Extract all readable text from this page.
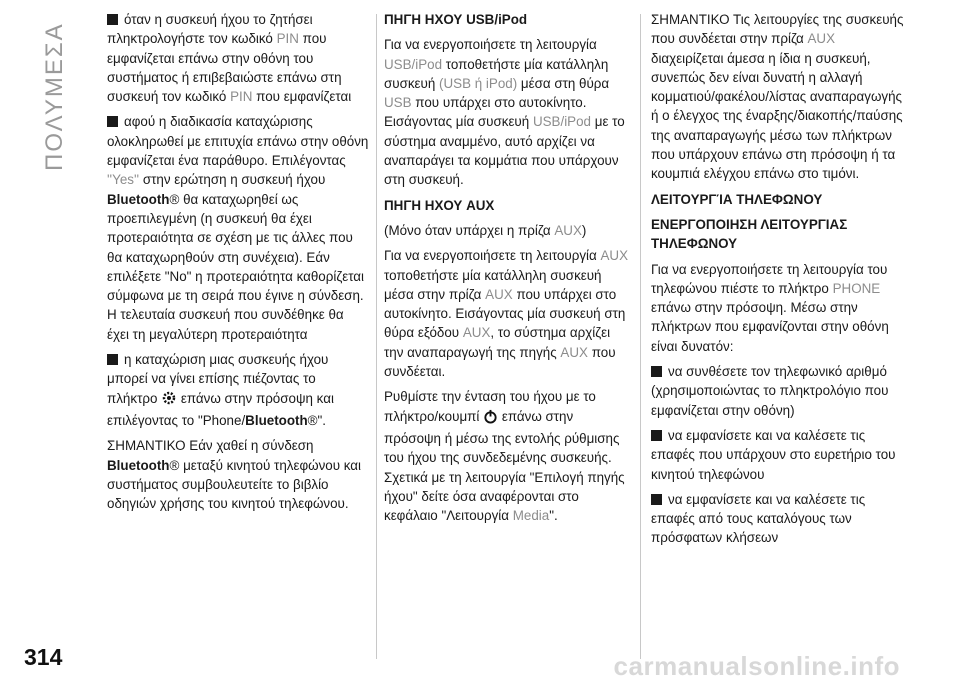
ΠΟΛΥΜΕΣΑ

όταν η συσκευή ήχου το ζητήσει πληκτρολογήστε τον κωδικό PIN που εμφανίζεται επάνω στην οθόνη του συστήματος ή επιβεβαιώστε επάνω στη συσκευή τον κωδικό PIN που εμφανίζεται

αφού η διαδικασία καταχώρισης ολοκληρωθεί με επιτυχία επάνω στην οθόνη εμφανίζεται ένα παράθυρο. Επιλέγοντας ''Yes'' στην ερώτηση η συσκευή ήχου Bluetooth® θα καταχωρηθεί ως προεπιλεγμένη (η συσκευή θα έχει προτεραιότητα σε σχέση με τις άλλες που θα καταχωρηθούν στη συνέχεια). Εάν επιλέξετε "No" η προτεραιότητα καθορίζεται σύμφωνα με τη σειρά που έγινε η σύνδεση. Η τελευταία συσκευή που συνδέθηκε θα έχει τη μεγαλύτερη προτεραιότητα

η καταχώριση μιας συσκευής ήχου μπορεί να γίνει επίσης πιέζοντας το πλήκτρο επάνω στην πρόσοψη και επιλέγοντας το "Phone/Bluetooth®".

ΣΗΜΑΝΤΙΚΟ Εάν χαθεί η σύνδεση Bluetooth® μεταξύ κινητού τηλεφώνου και συστήματος συμβουλευτείτε το βιβλίο οδηγιών χρήσης του κινητού τηλεφώνου.

ΠΗΓΗ ΗΧΟΥ USB/iPod

Για να ενεργοποιήσετε τη λειτουργία USB/iPod τοποθετήστε μία κατάλληλη συσκευή (USB ή iPod) μέσα στη θύρα USB που υπάρχει στο αυτοκίνητο. Εισάγοντας μία συσκευή USB/iPod με το σύστημα αναμμένο, αυτό αρχίζει να αναπαράγει τα κομμάτια που υπάρχουν στη συσκευή.

ΠΗΓΗ ΗΧΟΥ AUX

(Μόνο όταν υπάρχει η πρίζα AUX)

Για να ενεργοποιήσετε τη λειτουργία AUX τοποθετήστε μία κατάλληλη συσκευή μέσα στην πρίζα AUX που υπάρχει στο αυτοκίνητο. Εισάγοντας μία συσκευή στη θύρα εξόδου AUX, το σύστημα αρχίζει την αναπαραγωγή της πηγής AUX που συνδέεται.

Ρυθμίστε την ένταση του ήχου με το πλήκτρο/κουμπί επάνω στην πρόσοψη ή μέσω της εντολής ρύθμισης του ήχου της συνδεδεμένης συσκευής. Σχετικά με τη λειτουργία "Επιλογή πηγής ήχου" δείτε όσα αναφέρονται στο κεφάλαιο "Λειτουργία Media".

ΣΗΜΑΝΤΙΚΟ Τις λειτουργίες της συσκευής που συνδέεται στην πρίζα AUX διαχειρίζεται άμεσα η ίδια η συσκευή, συνεπώς δεν είναι δυνατή η αλλαγή κομματιού/φακέλου/λίστας αναπαραγωγής ή ο έλεγχος της έναρξης/διακοπής/παύσης της αναπαραγωγής μέσω των πλήκτρων που υπάρχουν επάνω στη πρόσοψη ή τα κουμπιά ελέγχου επάνω στο τιμόνι.

ΛΕΙΤΟΥΡΓΊΑ ΤΗΛΕΦΩΝΟΥ
ΕΝΕΡΓΟΠΟΙΗΣΗ ΛΕΙΤΟΥΡΓΙΑΣ ΤΗΛΕΦΩΝΟΥ

Για να ενεργοποιήσετε τη λειτουργία του τηλεφώνου πιέστε το πλήκτρο PHONE επάνω στην πρόσοψη. Μέσω στην πλήκτρων που εμφανίζονται στην οθόνη είναι δυνατόν:

να συνθέσετε τον τηλεφωνικό αριθμό (χρησιμοποιώντας το πληκτρολόγιο που εμφανίζεται στην οθόνη)

να εμφανίσετε και να καλέσετε τις επαφές που υπάρχουν στο ευρετήριο του κινητού τηλεφώνου

να εμφανίσετε και να καλέσετε τις επαφές από τους καταλόγους των πρόσφατων κλήσεων

314	carmanualsonline.info
